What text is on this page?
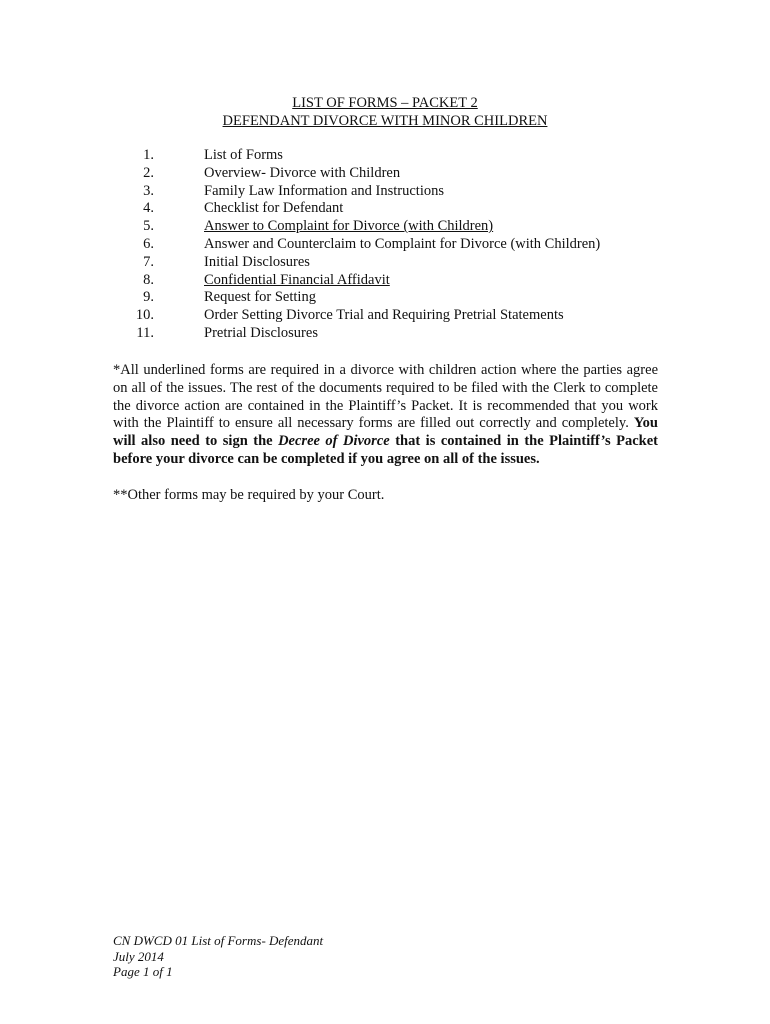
LIST OF FORMS – PACKET 2
DEFENDANT DIVORCE WITH MINOR CHILDREN
1.	List of Forms
2.	Overview- Divorce with Children
3.	Family Law Information and Instructions
4.	Checklist for Defendant
5.	Answer to Complaint for Divorce (with Children)
6.	Answer and Counterclaim to Complaint for Divorce (with Children)
7.	Initial Disclosures
8.	Confidential Financial Affidavit
9.	Request for Setting
10.	Order Setting Divorce Trial and Requiring Pretrial Statements
11.	Pretrial Disclosures
*All underlined forms are required in a divorce with children action where the parties agree on all of the issues. The rest of the documents required to be filed with the Clerk to complete the divorce action are contained in the Plaintiff’s Packet. It is recommended that you work with the Plaintiff to ensure all necessary forms are filled out correctly and completely. You will also need to sign the Decree of Divorce that is contained in the Plaintiff’s Packet before your divorce can be completed if you agree on all of the issues.
**Other forms may be required by your Court.
CN DWCD 01 List of Forms- Defendant
July 2014
Page 1 of 1
